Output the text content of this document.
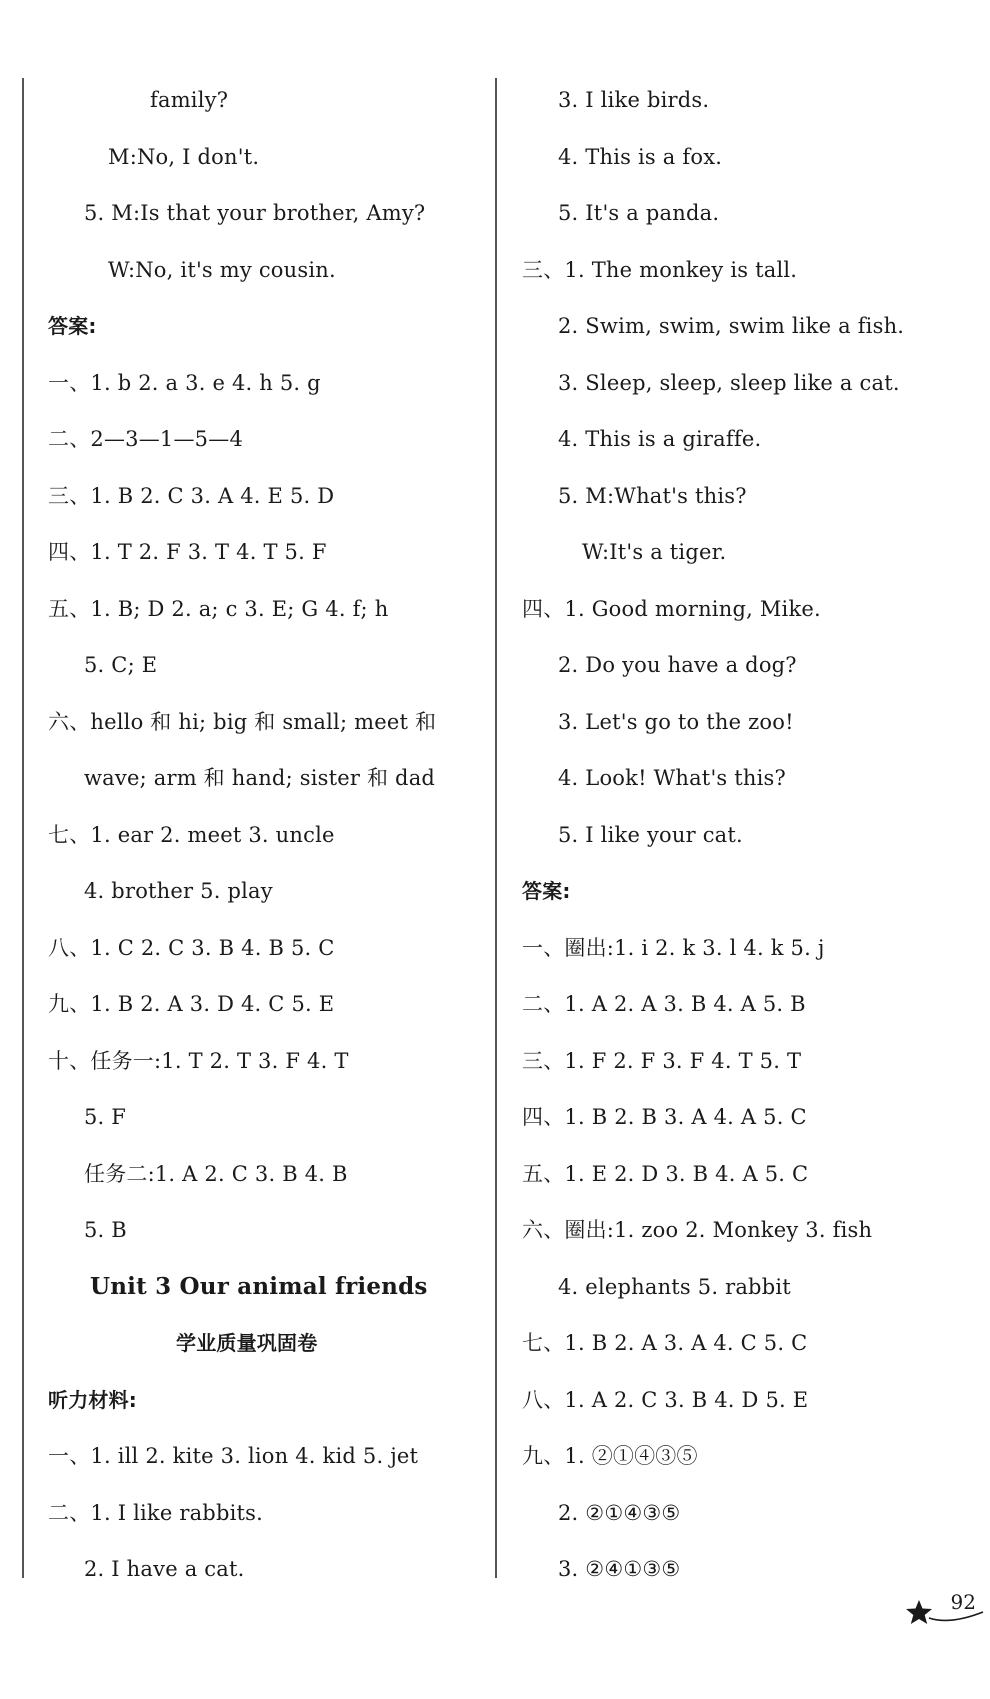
family?
M:No, I don't.
5. M:Is that your brother, Amy?
W:No, it's my cousin.
答案:
一、1. b 2. a 3. e 4. h 5. g
二、2—3—1—5—4
三、1. B 2. C 3. A 4. E 5. D
四、1. T 2. F 3. T 4. T 5. F
五、1. B; D 2. a; c 3. E; G 4. f; h
5. C; E
六、hello 和 hi; big 和 small; meet 和
wave; arm 和 hand; sister 和 dad
七、1. ear 2. meet 3. uncle
4. brother 5. play
八、1. C 2. C 3. B 4. B 5. C
九、1. B 2. A 3. D 4. C 5. E
十、任务一:1. T 2. T 3. F 4. T
5. F
任务二:1. A 2. C 3. B 4. B
5. B
Unit 3 Our animal friends
学业质量巩固卷
听力材料:
一、1. ill 2. kite 3. lion 4. kid 5. jet
二、1. I like rabbits.
2. I have a cat.
3. I like birds.
4. This is a fox.
5. It's a panda.
三、1. The monkey is tall.
2. Swim, swim, swim like a fish.
3. Sleep, sleep, sleep like a cat.
4. This is a giraffe.
5. M:What's this?
W:It's a tiger.
四、1. Good morning, Mike.
2. Do you have a dog?
3. Let's go to the zoo!
4. Look! What's this?
5. I like your cat.
答案:
一、圈出:1. i 2. k 3. l 4. k 5. j
二、1. A 2. A 3. B 4. A 5. B
三、1. F 2. F 3. F 4. T 5. T
四、1. B 2. B 3. A 4. A 5. C
五、1. E 2. D 3. B 4. A 5. C
六、圈出:1. zoo 2. Monkey 3. fish
4. elephants 5. rabbit
七、1. B 2. A 3. A 4. C 5. C
八、1. A 2. C 3. B 4. D 5. E
九、1. ②①④③⑤
2. ②①④③⑤
3. ②④①③⑤
92
